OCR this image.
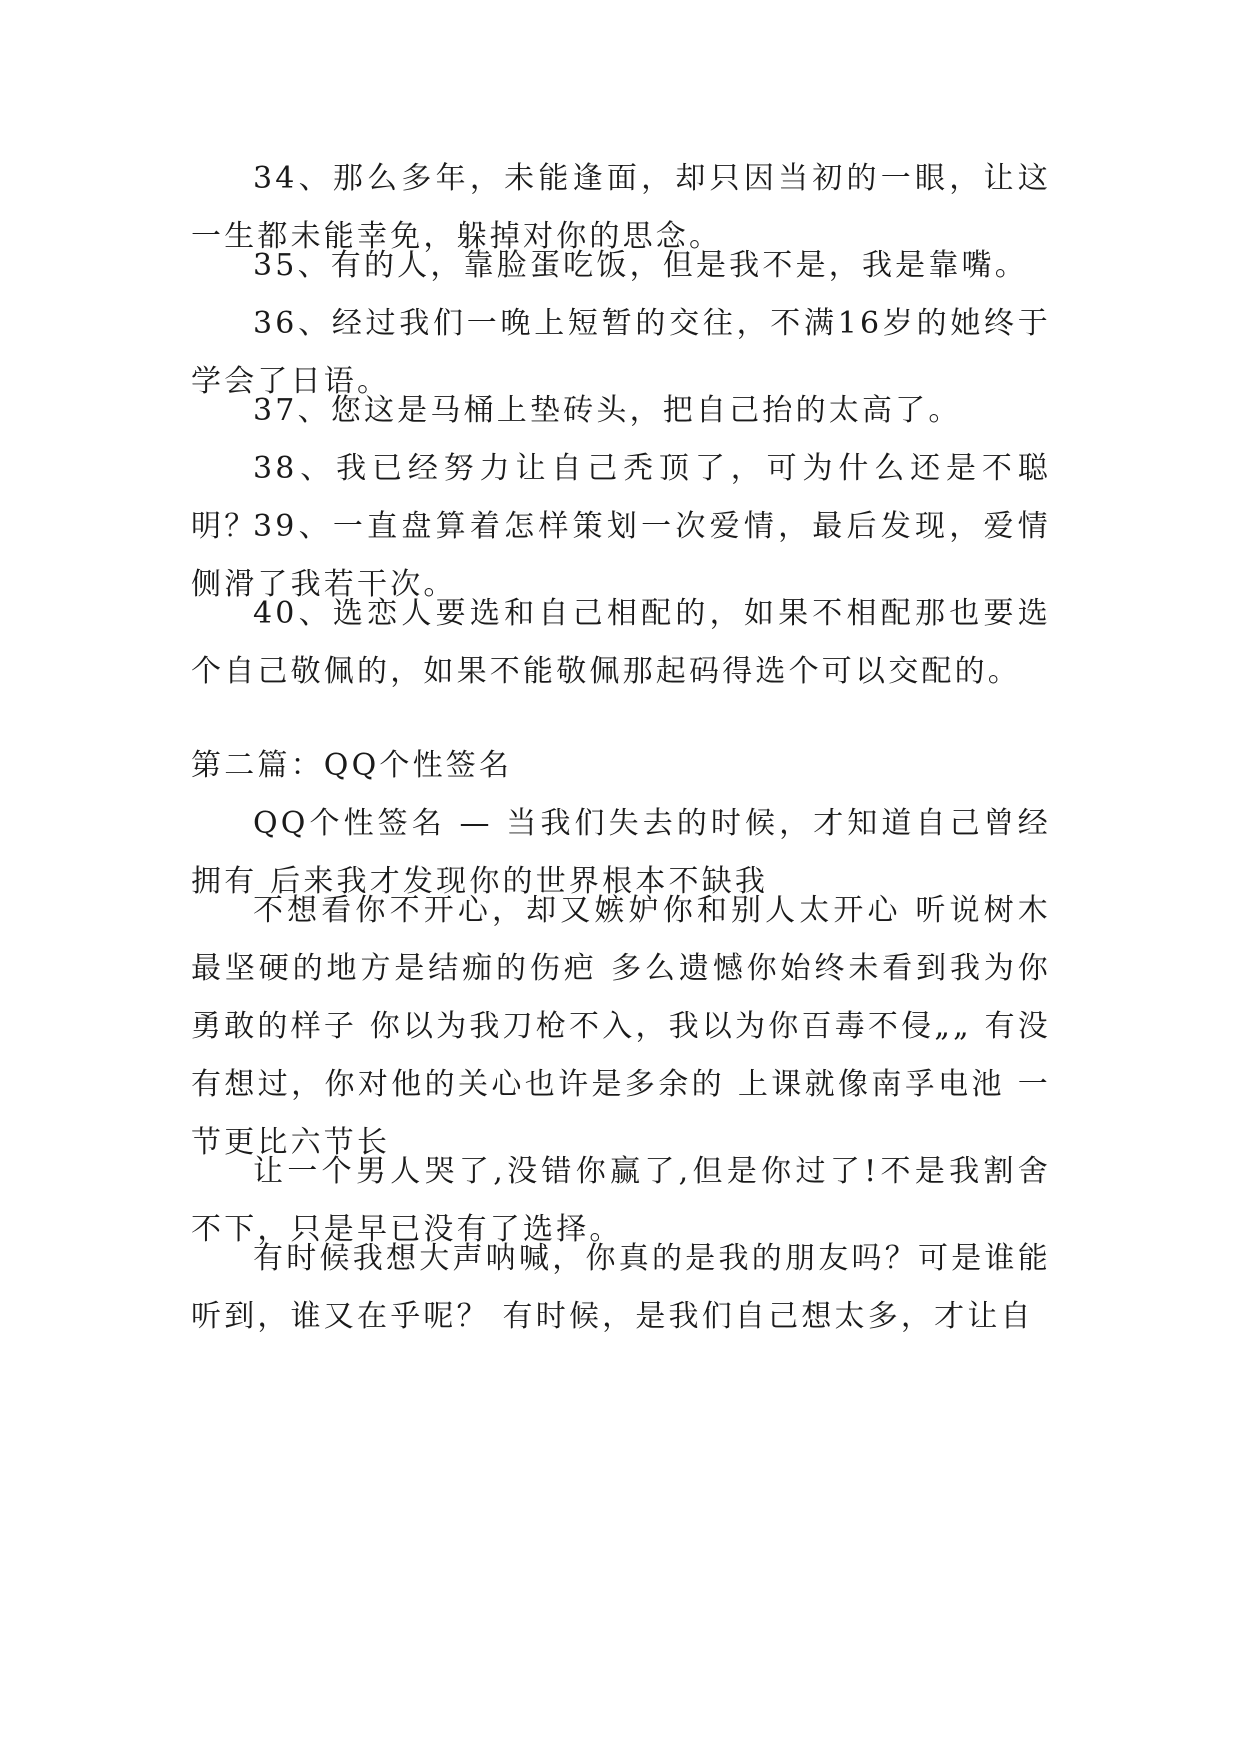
34、那么多年，未能逢面，却只因当初的一眼，让这一生都未能幸免，躲掉对你的思念。

35、有的人，靠脸蛋吃饭，但是我不是，我是靠嘴。

36、经过我们一晚上短暂的交往，不满16岁的她终于学会了日语。

37、您这是马桶上垫砖头，把自己抬的太高了。

38、我已经努力让自己秃顶了，可为什么还是不聪明？

39、一直盘算着怎样策划一次爱情，最后发现，爱情侧滑了我若干次。

40、选恋人要选和自己相配的，如果不相配那也要选个自己敬佩的，如果不能敬佩那起码得选个可以交配的。

第二篇：QQ个性签名

QQ个性签名 — 当我们失去的时候，才知道自己曾经拥有 后来我才发现你的世界根本不缺我

不想看你不开心，却又嫉妒你和别人太开心 听说树木最坚硬的地方是结痂的伤疤 多么遗憾你始终未看到我为你勇敢的样子 你以为我刀枪不入，我以为你百毒不侵„„ 有没有想过，你对他的关心也许是多余的 上课就像南孚电池 一节更比六节长

让一个男人哭了,没错你赢了,但是你过了!不是我割舍不下，只是早已没有了选择。

有时候我想大声呐喊，你真的是我的朋友吗？可是谁能听到，谁又在乎呢？ 有时候，是我们自己想太多，才让自
